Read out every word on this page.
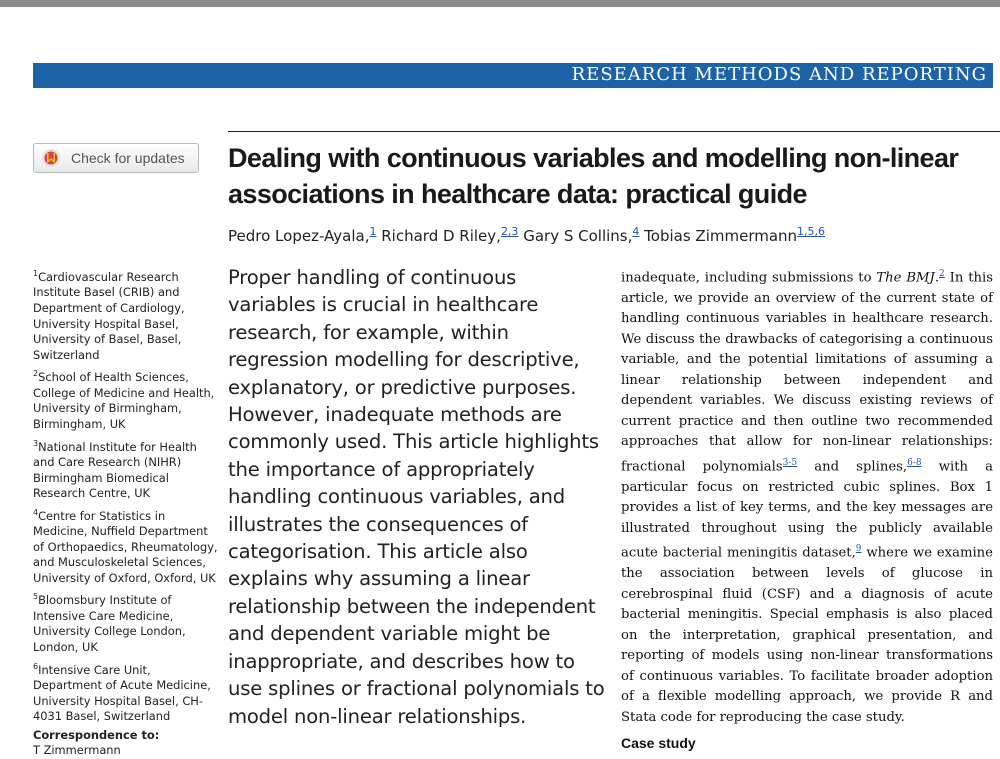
RESEARCH METHODS AND REPORTING
Check for updates Dealing with continuous variables and modelling non-linear associations in healthcare data: practical guide
Pedro Lopez-Ayala,$^1$ Richard D Riley,$^{2,3}$ Gary S Collins,$^4$ Tobias Zimmermann$^{1,5,6}$
$^1$Cardiovascular Research Institute Basel (CRIB) and Department of Cardiology, University Hospital Basel, University of Basel, Basel, Switzerland
$^2$School of Health Sciences, College of Medicine and Health, University of Birmingham, Birmingham, UK
$^3$National Institute for Health and Care Research (NIHR) Birmingham Biomedical Research Centre, UK
$^4$Centre for Statistics in Medicine, Nuffield Department of Orthopaedics, Rheumatology, and Musculoskeletal Sciences, University of Oxford, Oxford, UK
$^5$Bloomsbury Institute of Intensive Care Medicine, University College London, London, UK
$^6$Intensive Care Unit, Department of Acute Medicine, University Hospital Basel, CH-4031 Basel, Switzerland
Correspondence to:
T Zimmermann
Proper handling of continuous variables is crucial in healthcare research, for example, within regression modelling for descriptive, explanatory, or predictive purposes. However, inadequate methods are commonly used. This article highlights the importance of appropriately handling continuous variables, and illustrates the consequences of categorisation. This article also explains why assuming a linear relationship between the independent and dependent variable might be inappropriate, and describes how to use splines or fractional polynomials to model non-linear relationships.
inadequate, including submissions to The BMJ.$^2$ In this article, we provide an overview of the current state of handling continuous variables in healthcare research. We discuss the drawbacks of categorising a continuous variable, and the potential limitations of assuming a linear relationship between independent and dependent variables. We discuss existing reviews of current practice and then outline two recommended approaches that allow for non-linear relationships: fractional polynomials$^{3-5}$ and splines,$^{6-8}$ with a particular focus on restricted cubic splines. Box 1 provides a list of key terms, and the key messages are illustrated throughout using the publicly available acute bacterial meningitis dataset,$^9$ where we examine the association between levels of glucose in cerebrospinal fluid (CSF) and a diagnosis of acute bacterial meningitis. Special emphasis is also placed on the interpretation, graphical presentation, and reporting of models using non-linear transformations of continuous variables. To facilitate broader adoption of a flexible modelling approach, we provide R and Stata code for reproducing the case study.
Case study
